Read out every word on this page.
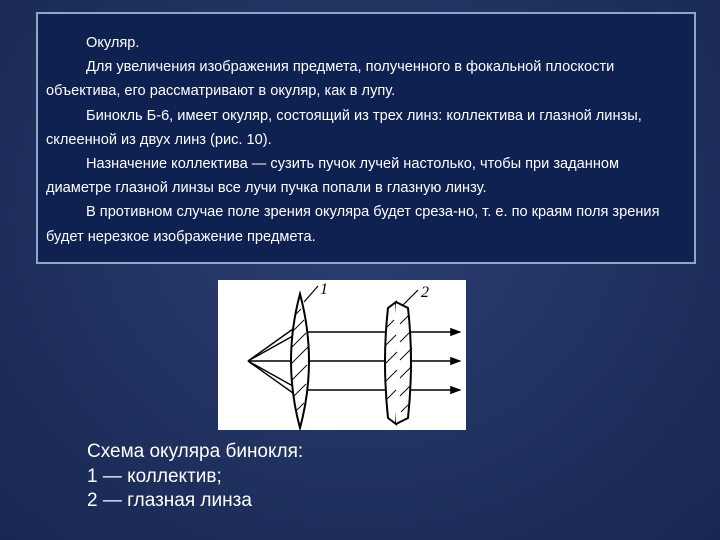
Окуляр.

Для увеличения изображения предмета, полученного в фокальной плоскости объектива, его рассматривают в окуляр, как в лупу.

Бинокль Б-6, имеет окуляр, состоящий из трех линз: коллектива и глазной линзы, склеенной из двух линз (рис. 10).

Назначение коллектива — сузить пучок лучей настолько, чтобы при заданном диаметре глазной линзы все лучи пучка попали в глазную линзу.

В противном случае поле зрения окуляра будет среза-но, т. е. по краям поля зрения будет нерезкое изображение предмета.

1	2
Схема окуляра бинокля:
1 — коллектив;
2 — глазная линза
